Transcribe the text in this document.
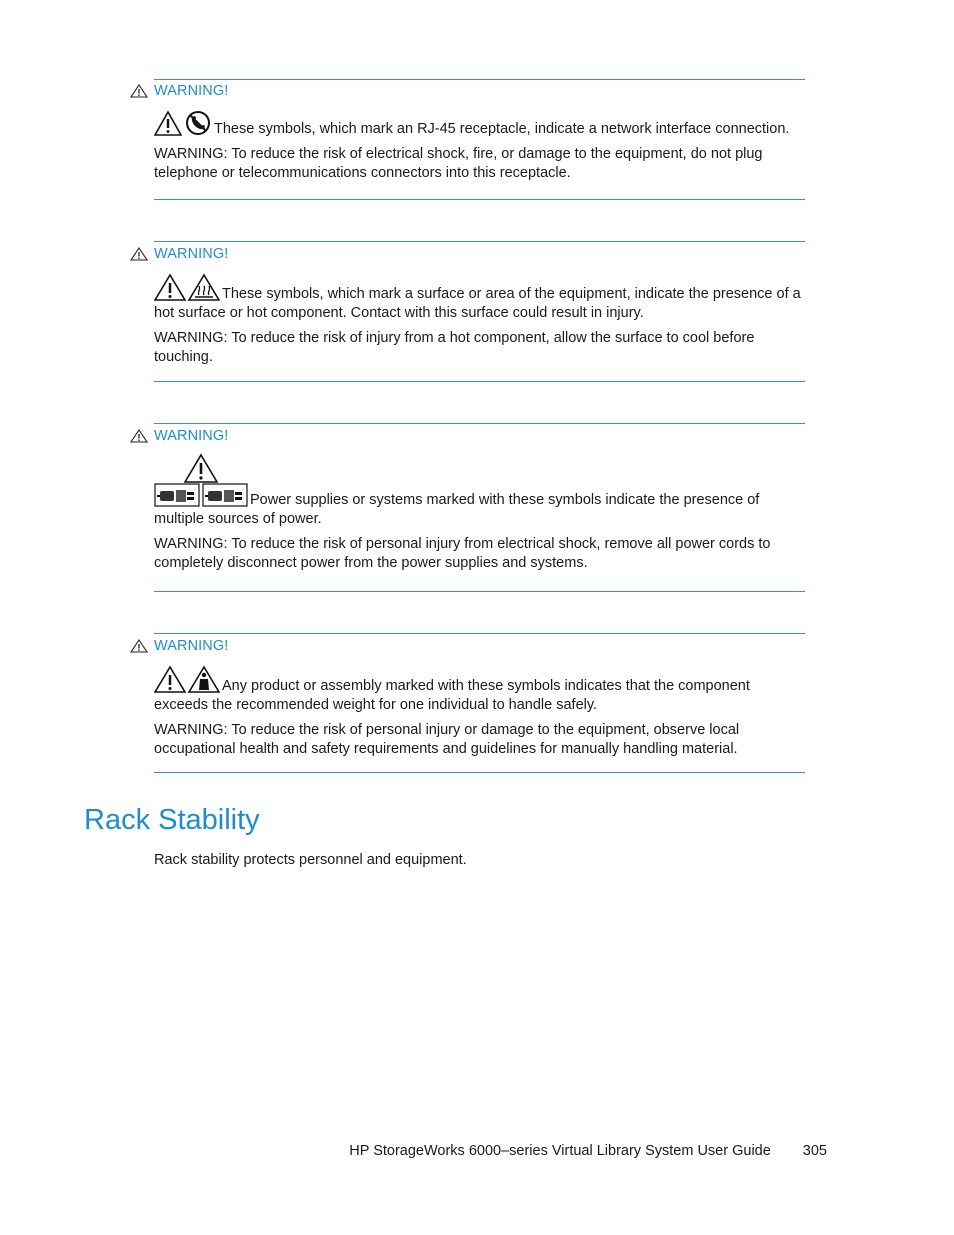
WARNING!

These symbols, which mark an RJ-45 receptacle, indicate a network interface connection.

WARNING: To reduce the risk of electrical shock, fire, or damage to the equipment, do not plug telephone or telecommunications connectors into this receptacle.

WARNING!

These symbols, which mark a surface or area of the equipment, indicate the presence of a hot surface or hot component. Contact with this surface could result in injury.

WARNING: To reduce the risk of injury from a hot component, allow the surface to cool before touching.

WARNING!

Power supplies or systems marked with these symbols indicate the presence of multiple sources of power.

WARNING: To reduce the risk of personal injury from electrical shock, remove all power cords to completely disconnect power from the power supplies and systems.

WARNING!

Any product or assembly marked with these symbols indicates that the component exceeds the recommended weight for one individual to handle safely.

WARNING: To reduce the risk of personal injury or damage to the equipment, observe local occupational health and safety requirements and guidelines for manually handling material.

Rack Stability

Rack stability protects personnel and equipment.

HP StorageWorks 6000–series Virtual Library System User Guide 305
